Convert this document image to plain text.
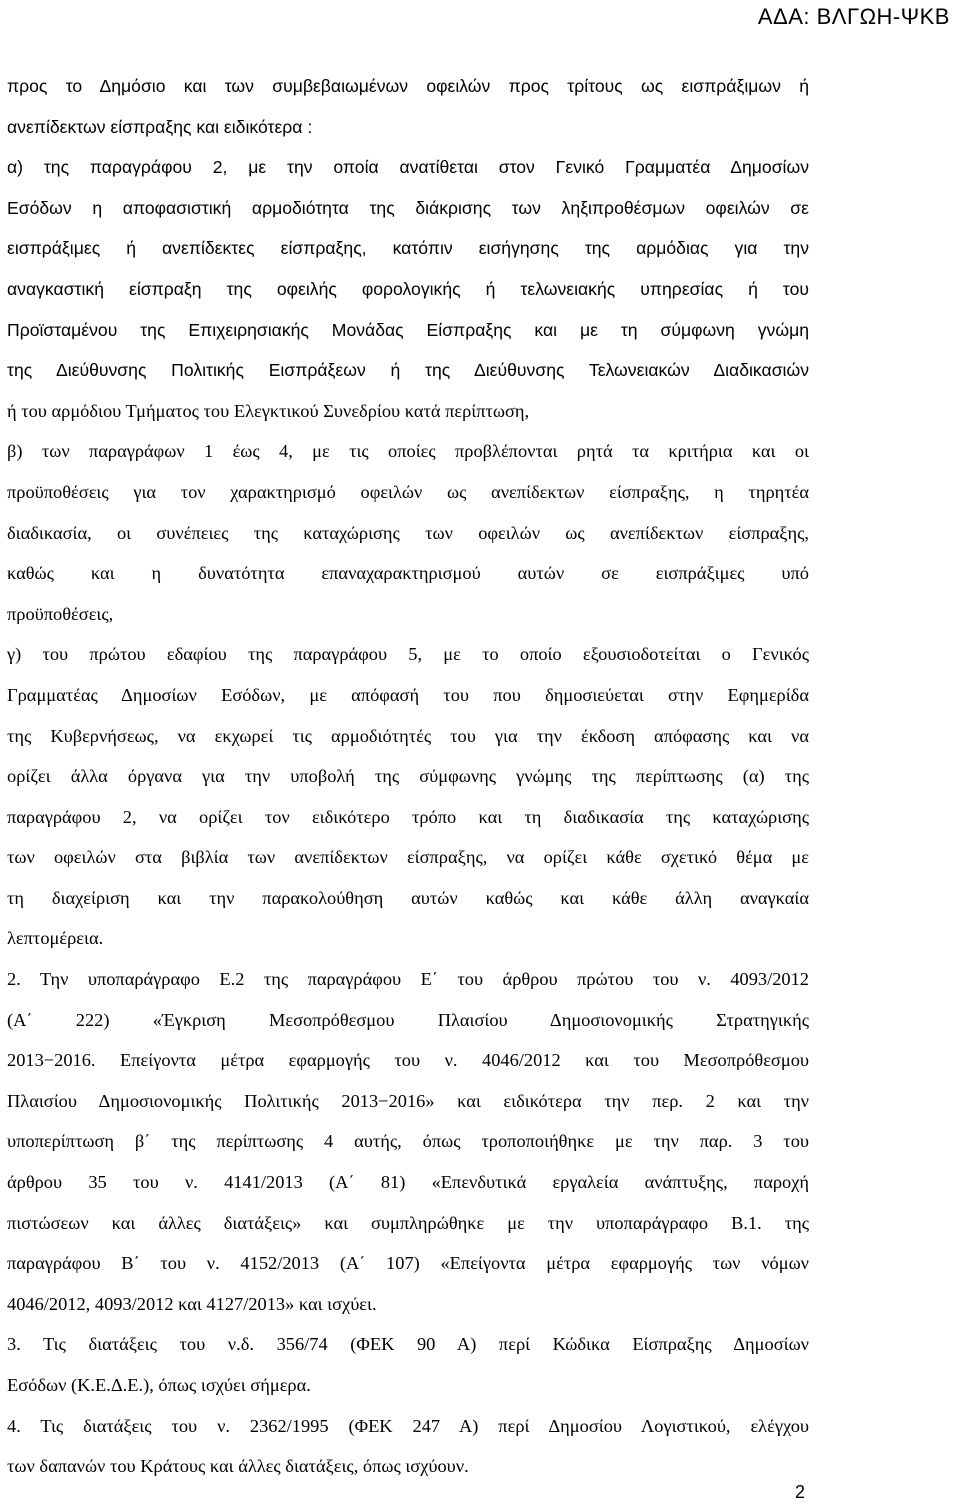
ΑΔΑ: ΒΛΓΩΗ-ΨΚΒ
προς το Δημόσιο και των συμβεβαιωμένων οφειλών προς τρίτους ως εισπράξιμων ή
ανεπίδεκτων είσπραξης και ειδικότερα :
α) της παραγράφου 2, με την οποία ανατίθεται στον Γενικό Γραμματέα Δημοσίων
Εσόδων η αποφασιστική αρμοδιότητα της διάκρισης των ληξιπροθέσμων οφειλών σε
εισπράξιμες ή ανεπίδεκτες είσπραξης, κατόπιν εισήγησης της αρμόδιας για την
αναγκαστική είσπραξη της οφειλής φορολογικής ή τελωνειακής υπηρεσίας ή του
Προϊσταμένου της Επιχειρησιακής Μονάδας Είσπραξης και με τη σύμφωνη γνώμη
της Διεύθυνσης Πολιτικής Εισπράξεων ή της Διεύθυνσης Τελωνειακών Διαδικασιών
ή του αρμόδιου Τμήματος του Ελεγκτικού Συνεδρίου κατά περίπτωση,
β) των παραγράφων 1 έως 4, με τις οποίες προβλέπονται ρητά τα κριτήρια και οι
προϋποθέσεις για τον χαρακτηρισμό οφειλών ως ανεπίδεκτων είσπραξης, η τηρητέα
διαδικασία, οι συνέπειες της καταχώρισης των οφειλών ως ανεπίδεκτων είσπραξης,
καθώς και η δυνατότητα επαναχαρακτηρισμού αυτών σε εισπράξιμες υπό
προϋποθέσεις,
γ) του πρώτου εδαφίου της παραγράφου 5, με το οποίο εξουσιοδοτείται ο Γενικός
Γραμματέας Δημοσίων Εσόδων, με απόφασή του που δημοσιεύεται στην Εφημερίδα
της Κυβερνήσεως, να εκχωρεί τις αρμοδιότητές του για την έκδοση απόφασης και να
ορίζει άλλα όργανα για την υποβολή της σύμφωνης γνώμης της περίπτωσης (α) της
παραγράφου 2, να ορίζει τον ειδικότερο τρόπο και τη διαδικασία της καταχώρισης
των οφειλών στα βιβλία των ανεπίδεκτων είσπραξης, να ορίζει κάθε σχετικό θέμα με
τη διαχείριση και την παρακολούθηση αυτών καθώς και κάθε άλλη αναγκαία
λεπτομέρεια.
2. Την υποπαράγραφο Ε.2 της παραγράφου Ε΄ του άρθρου πρώτου του ν. 4093/2012
(Α΄ 222) «Έγκριση Μεσοπρόθεσμου Πλαισίου Δημοσιονομικής Στρατηγικής
2013−2016. Επείγοντα μέτρα εφαρμογής του ν. 4046/2012 και του Μεσοπρόθεσμου
Πλαισίου Δημοσιονομικής Πολιτικής 2013−2016» και ειδικότερα την περ. 2 και την
υποπερίπτωση β΄ της περίπτωσης 4 αυτής, όπως τροποποιήθηκε με την παρ. 3 του
άρθρου 35 του ν. 4141/2013 (Α΄ 81) «Επενδυτικά εργαλεία ανάπτυξης, παροχή
πιστώσεων και άλλες διατάξεις» και συμπληρώθηκε με την υποπαράγραφο Β.1. της
παραγράφου Β΄ του ν. 4152/2013 (Α΄ 107) «Επείγοντα μέτρα εφαρμογής των νόμων
4046/2012, 4093/2012 και 4127/2013» και ισχύει.
3. Τις διατάξεις του ν.δ. 356/74 (ΦΕΚ 90 Α) περί Κώδικα Είσπραξης Δημοσίων
Εσόδων (Κ.Ε.Δ.Ε.), όπως ισχύει σήμερα.
4. Τις διατάξεις του ν. 2362/1995 (ΦΕΚ 247 Α) περί Δημοσίου Λογιστικού, ελέγχου
των δαπανών του Κράτους και άλλες διατάξεις, όπως ισχύουν.
2
